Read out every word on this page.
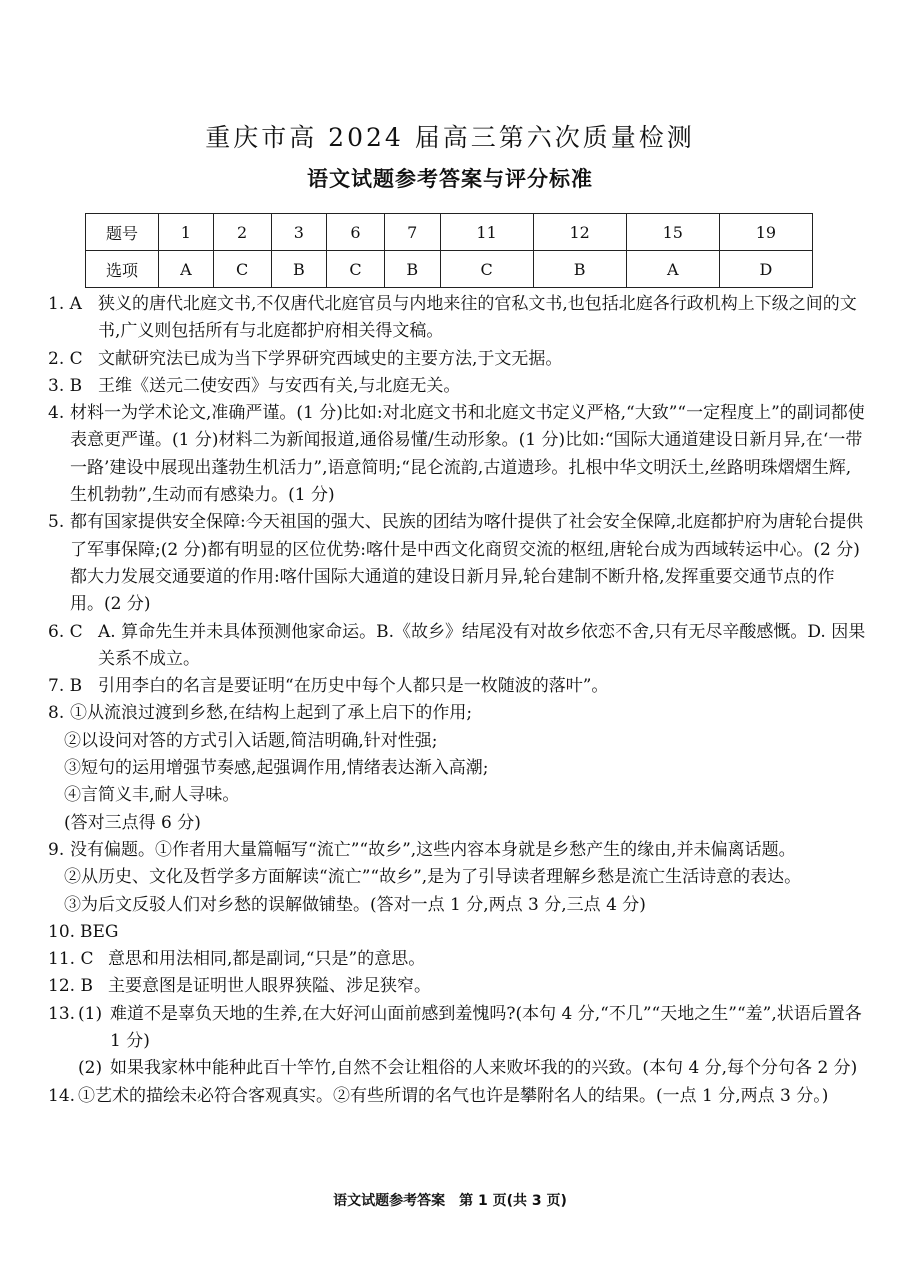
重庆市高 2024 届高三第六次质量检测
语文试题参考答案与评分标准
题号	1	2	3	6	7	11	12	15	19
选项	A	C	B	C	B	C	B	A	D
1. A 狭义的唐代北庭文书,不仅唐代北庭官员与内地来往的官私文书,也包括北庭各行政机构上下级之间的文书,广义则包括所有与北庭都护府相关得文稿。
2. C 文献研究法已成为当下学界研究西域史的主要方法,于文无据。
3. B 王维《送元二使安西》与安西有关,与北庭无关。
4. 材料一为学术论文,准确严谨。(1 分)比如:对北庭文书和北庭文书定义严格,“大致”“一定程度上”的副词都使表意更严谨。(1 分)材料二为新闻报道,通俗易懂/生动形象。(1 分)比如:“国际大通道建设日新月异,在‘一带一路’建设中展现出蓬勃生机活力”,语意简明;“昆仑流韵,古道遗珍。扎根中华文明沃土,丝路明珠熠熠生辉,生机勃勃”,生动而有感染力。(1 分)
5. 都有国家提供安全保障:今天祖国的强大、民族的团结为喀什提供了社会安全保障,北庭都护府为唐轮台提供了军事保障;(2 分)都有明显的区位优势:喀什是中西文化商贸交流的枢纽,唐轮台成为西域转运中心。(2 分)都大力发展交通要道的作用:喀什国际大通道的建设日新月异,轮台建制不断升格,发挥重要交通节点的作用。(2 分)
6. C A. 算命先生并未具体预测他家命运。B.《故乡》结尾没有对故乡依恋不舍,只有无尽辛酸感慨。D. 因果关系不成立。
7. B 引用李白的名言是要证明“在历史中每个人都只是一枚随波的落叶”。
8. ①从流浪过渡到乡愁,在结构上起到了承上启下的作用;
②以设问对答的方式引入话题,简洁明确,针对性强;
③短句的运用增强节奏感,起强调作用,情绪表达渐入高潮;
④言简义丰,耐人寻味。
(答对三点得 6 分)
9. 没有偏题。①作者用大量篇幅写“流亡”“故乡”,这些内容本身就是乡愁产生的缘由,并未偏离话题。
②从历史、文化及哲学多方面解读“流亡”“故乡”,是为了引导读者理解乡愁是流亡生活诗意的表达。
③为后文反驳人们对乡愁的误解做铺垫。(答对一点 1 分,两点 3 分,三点 4 分)
10. BEG
11. C 意思和用法相同,都是副词,“只是”的意思。
12. B 主要意图是证明世人眼界狭隘、涉足狭窄。
13. (1) 难道不是辜负天地的生养,在大好河山面前感到羞愧吗?(本句 4 分,“不几”“天地之生”“羞”,状语后置各 1 分)
(2) 如果我家林中能种此百十竿竹,自然不会让粗俗的人来败坏我的的兴致。(本句 4 分,每个分句各 2 分)
14. ①艺术的描绘未必符合客观真实。②有些所谓的名气也许是攀附名人的结果。(一点 1 分,两点 3 分。)
语文试题参考答案　第 1 页(共 3 页)
